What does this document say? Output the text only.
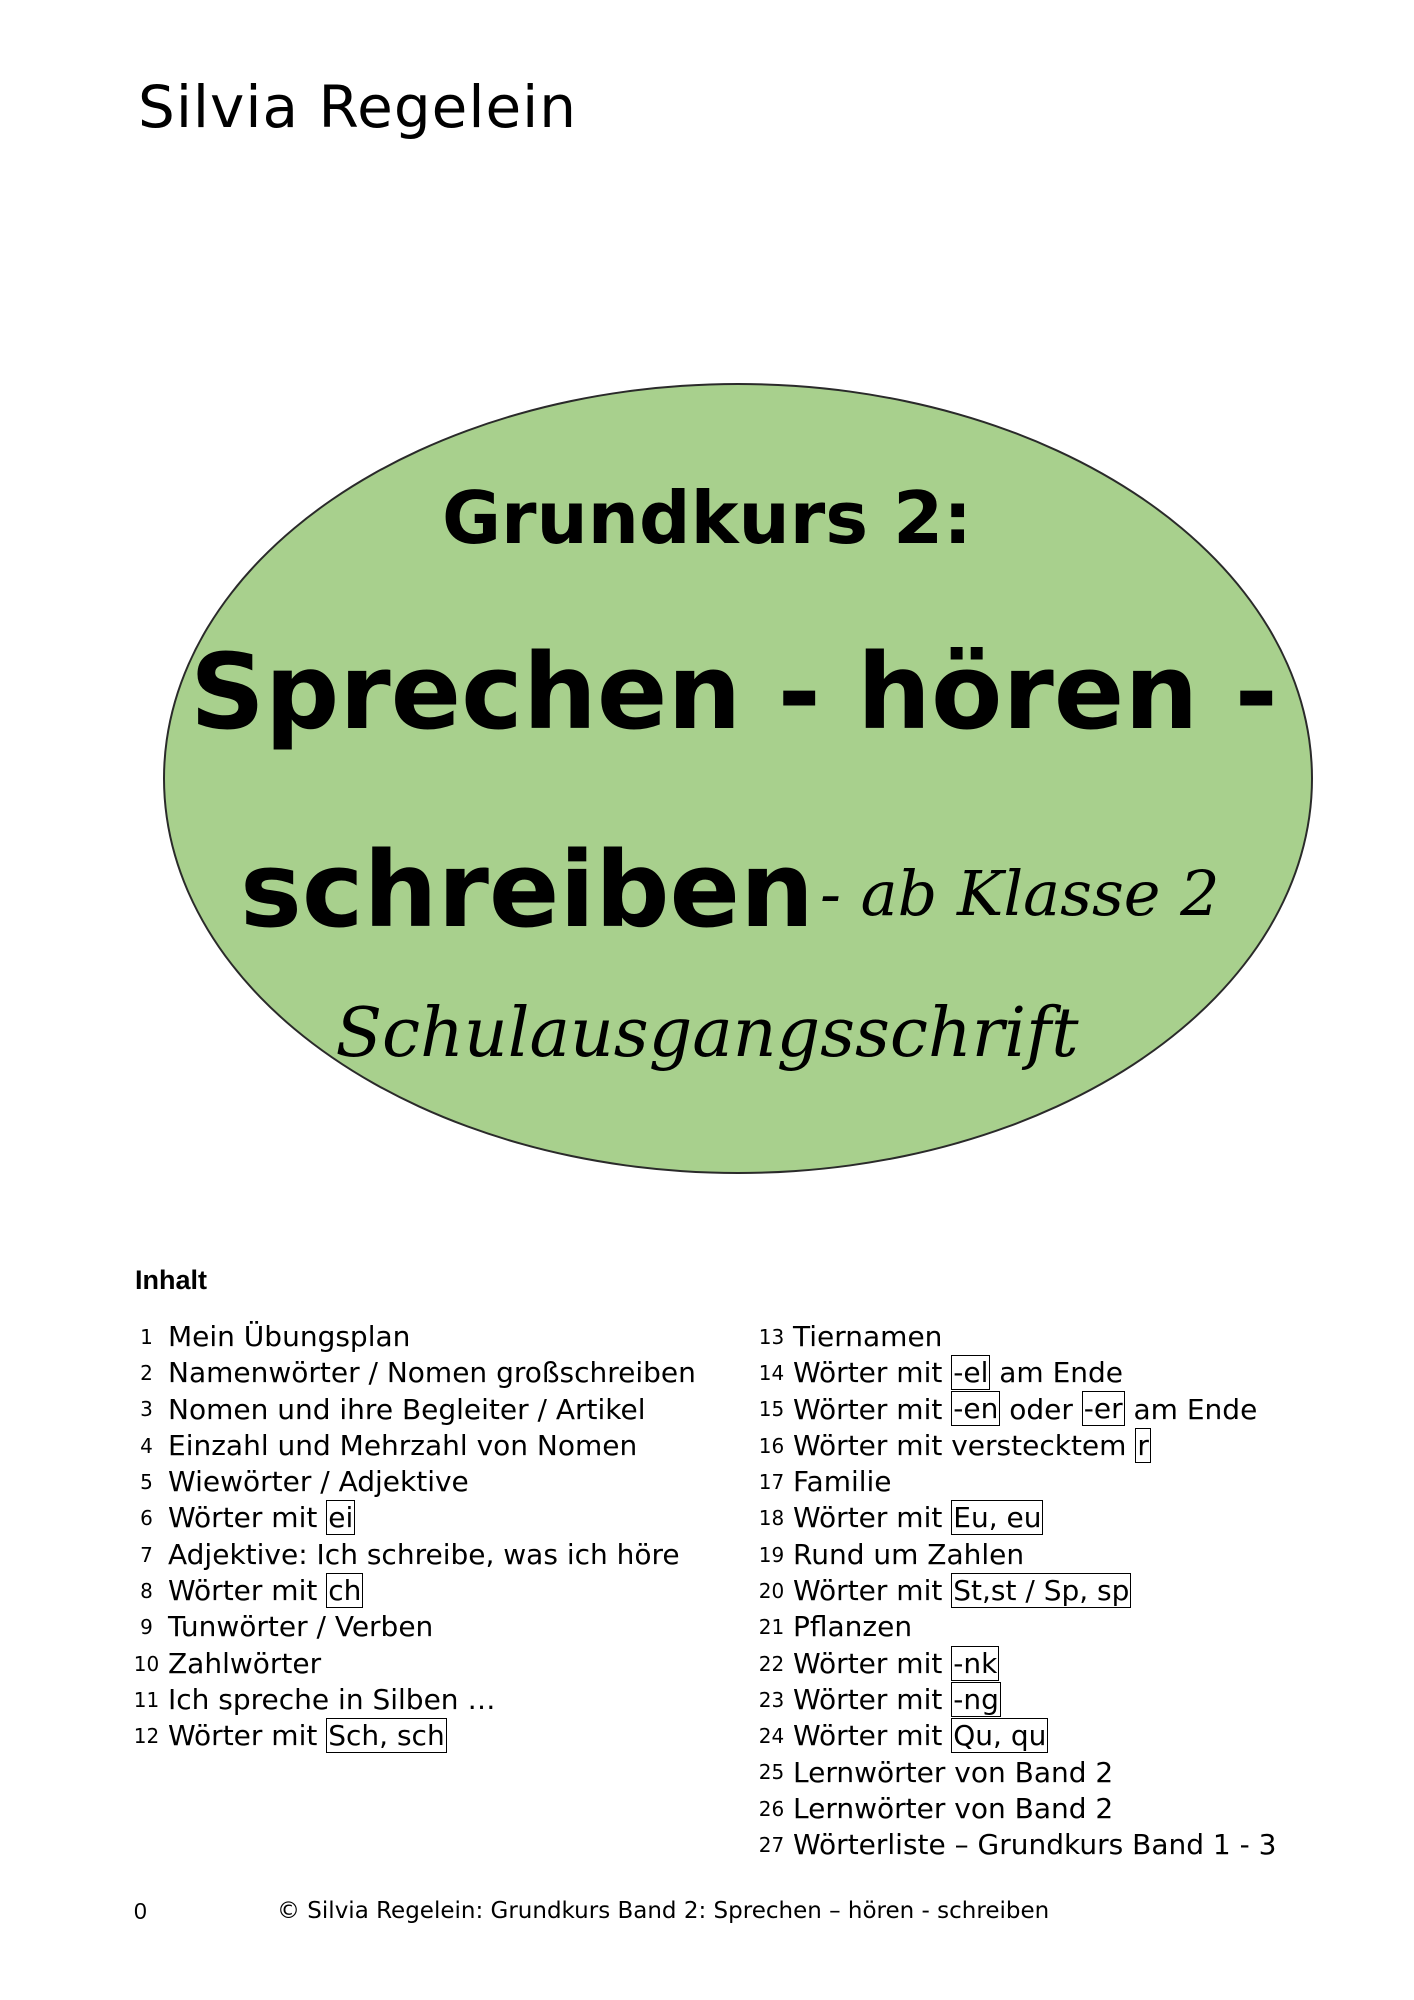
Silvia Regelein
Grundkurs 2:
Sprechen - hören -
schreiben - ab Klasse 2
Schulausgangsschrift
Inhalt
1 Mein Übungsplan
2 Namenwörter / Nomen großschreiben
3 Nomen und ihre Begleiter / Artikel
4 Einzahl und Mehrzahl von Nomen
5 Wiewörter / Adjektive
6 Wörter mit ei
7 Adjektive: Ich schreibe, was ich höre
8 Wörter mit ch
9 Tunwörter / Verben
10 Zahlwörter
11 Ich spreche in Silben …
12 Wörter mit Sch, sch
13 Tiernamen
14 Wörter mit -el am Ende
15 Wörter mit -en oder -er am Ende
16 Wörter mit verstecktem r
17 Familie
18 Wörter mit Eu, eu
19 Rund um Zahlen
20 Wörter mit St,st / Sp, sp
21 Pflanzen
22 Wörter mit -nk
23 Wörter mit -ng
24 Wörter mit Qu, qu
25 Lernwörter von Band 2
26 Lernwörter von Band 2
27 Wörterliste – Grundkurs Band 1 - 3
0	© Silvia Regelein: Grundkurs Band 2: Sprechen – hören - schreiben
